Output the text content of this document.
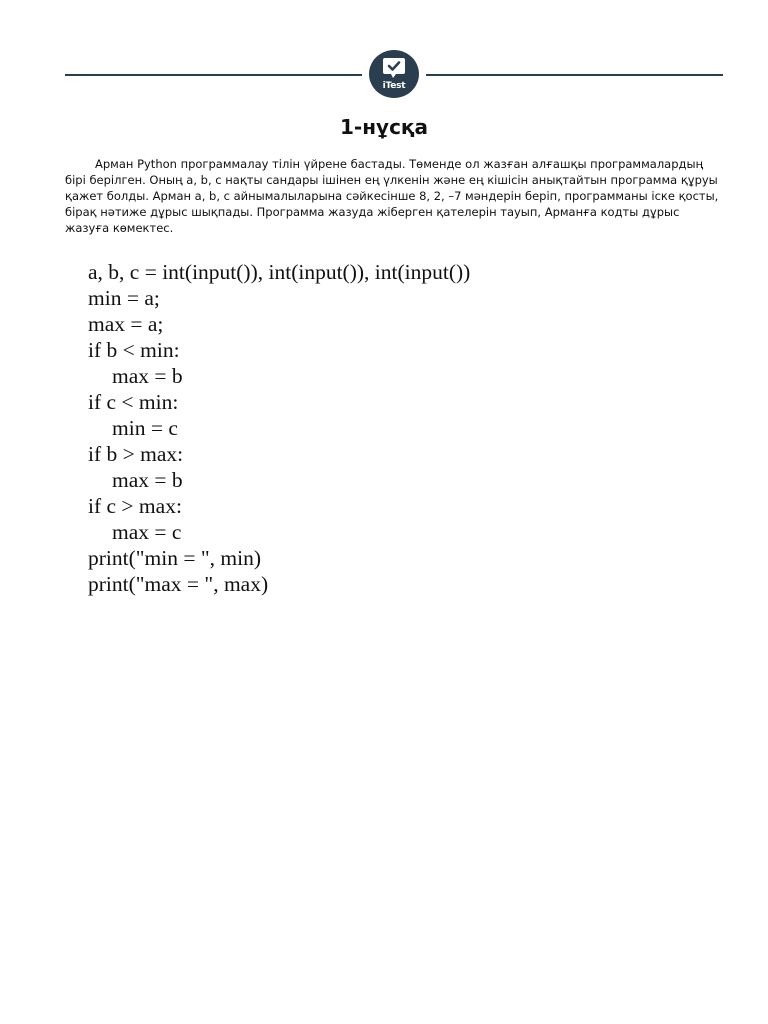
iTest
1-нұсқа

Арман Python программалау тілін үйрене бастады. Төменде ол жазған алғашқы программалардың бірі берілген. Оның a, b, c нақты сандары ішінен ең үлкенін және ең кішісін анықтайтын программа құруы қажет болды. Арман a, b, c айнымалыларына сәйкесінше 8, 2, –7 мәндерін беріп, программаны іске қосты, бірақ нәтиже дұрыс шықпады. Программа жазуда жіберген қателерін тауып, Арманға кодты дұрыс жазуға көмектес.

a, b, c = int(input()), int(input()), int(input())
min = a;
max = a;
if b < min:
max = b
if c < min:
min = c
if b > max:
max = b
if c > max:
max = c
print("min = ", min)
print("max = ", max)
